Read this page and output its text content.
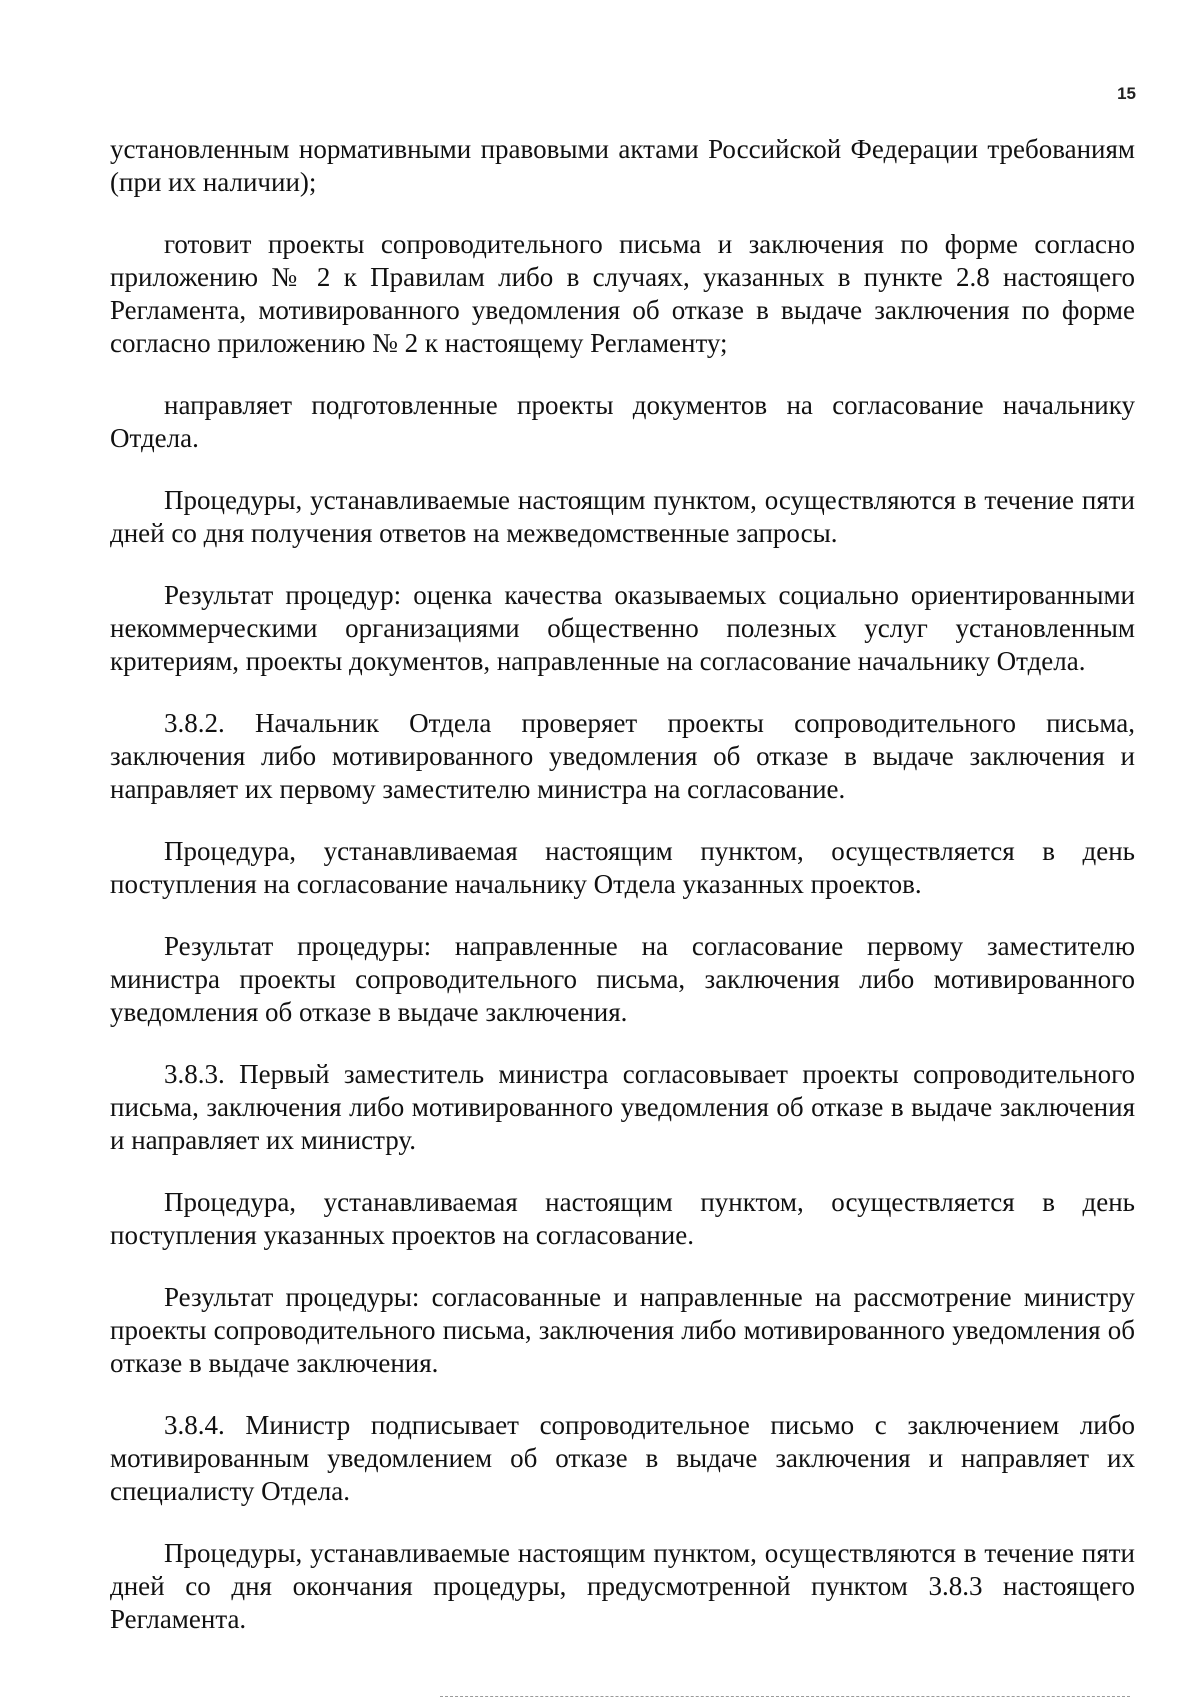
15

установленным нормативными правовыми актами Российской Федерации требованиям (при их наличии);

готовит проекты сопроводительного письма и заключения по форме согласно приложению № 2 к Правилам либо в случаях, указанных в пункте 2.8 настоящего Регламента, мотивированного уведомления об отказе в выдаче заключения по форме согласно приложению № 2 к настоящему Регламенту;

направляет подготовленные проекты документов на согласование начальнику Отдела.

Процедуры, устанавливаемые настоящим пунктом, осуществляются в течение пяти дней со дня получения ответов на межведомственные запросы.

Результат процедур: оценка качества оказываемых социально ориентированными некоммерческими организациями общественно полезных услуг установленным критериям, проекты документов, направленные на согласование начальнику Отдела.

3.8.2. Начальник Отдела проверяет проекты сопроводительного письма, заключения либо мотивированного уведомления об отказе в выдаче заключения и направляет их первому заместителю министра на согласование.

Процедура, устанавливаемая настоящим пунктом, осуществляется в день поступления на согласование начальнику Отдела указанных проектов.

Результат процедуры: направленные на согласование первому заместителю министра проекты сопроводительного письма, заключения либо мотивированного уведомления об отказе в выдаче заключения.

3.8.3. Первый заместитель министра согласовывает проекты сопроводительного письма, заключения либо мотивированного уведомления об отказе в выдаче заключения и направляет их министру.

Процедура, устанавливаемая настоящим пунктом, осуществляется в день поступления указанных проектов на согласование.

Результат процедуры: согласованные и направленные на рассмотрение министру проекты сопроводительного письма, заключения либо мотивированного уведомления об отказе в выдаче заключения.

3.8.4. Министр подписывает сопроводительное письмо с заключением либо мотивированным уведомлением об отказе в выдаче заключения и направляет их специалисту Отдела.

Процедуры, устанавливаемые настоящим пунктом, осуществляются в течение пяти дней со дня окончания процедуры, предусмотренной пунктом 3.8.3 настоящего Регламента.
